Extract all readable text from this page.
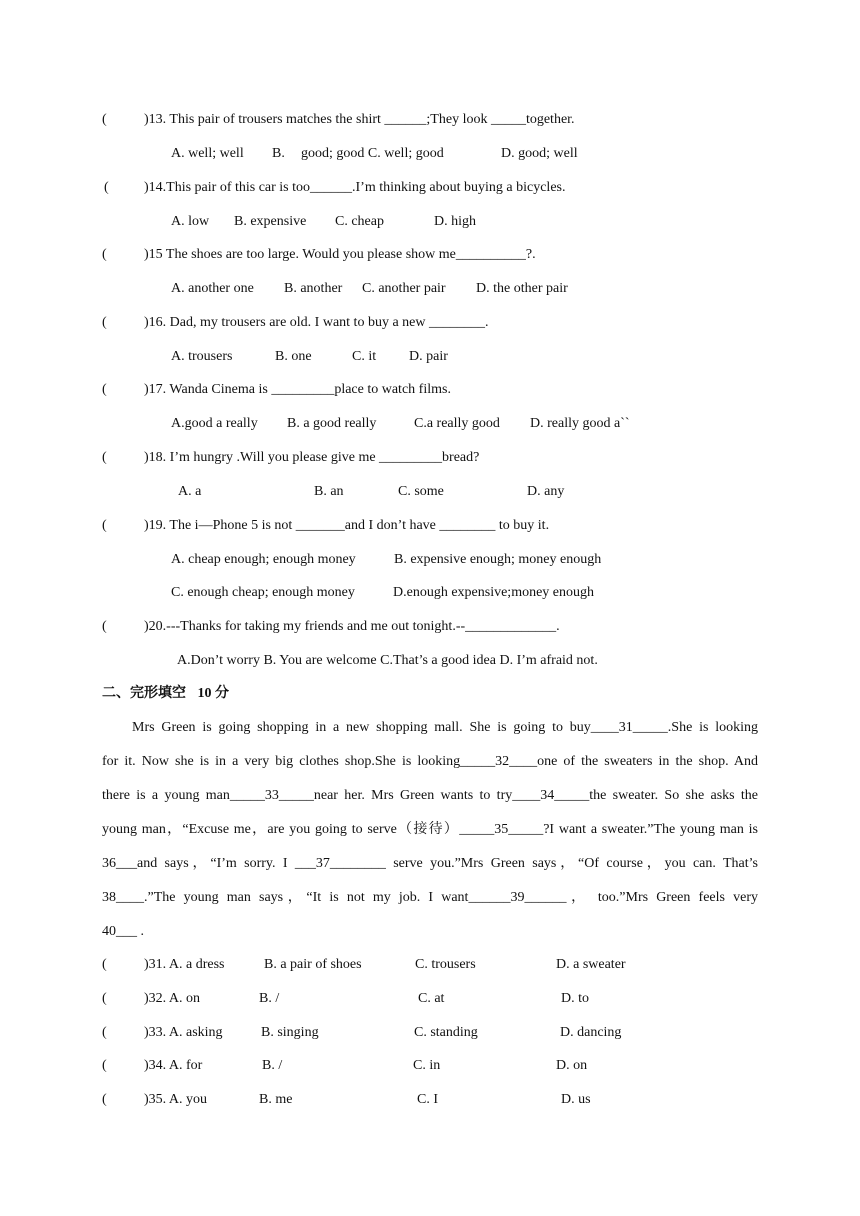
(	)13. This pair of trousers matches the shirt ______;They look _____together.
A. well; well B. good; good C. well; good	D. good; well
(	)14.This pair of this car is too______.I’m thinking about buying a bicycles.
A. low B. expensive C. cheap	D. high
(	)15 The shoes are too large. Would you please show me__________?.
A. another one B. another C. another pair D. the other pair
(	)16. Dad, my trousers are old. I want to buy a new ________.
A. trousers	B. one	C. it D. pair
(	)17. Wanda Cinema is _________place to watch films.
A.good a really B. a good really	C.a really good D. really good a``
(	)18. I’m hungry .Will you please give me _________bread?
A. a	B. an	C. some	D. any
(	)19. The i—Phone 5 is not _______and I don’t have ________ to buy it.
A. cheap enough; enough money	B. expensive enough; money enough
C. enough cheap; enough money	D.enough expensive;money enough
(	)20.---Thanks for taking my friends and me out tonight.--_____________.
A.Don’t worry B. You are welcome C.That’s a good idea D. I’m afraid not.
二、完形填空 10 分
Mrs Green is going shopping in a new shopping mall. She is going to buy____31_____.She is looking
for it. Now she is in a very big clothes shop.She is looking_____32____one of the sweaters in the shop. And
there is a young man_____33_____near her. Mrs Green wants to try____34_____the sweater. So she asks the
young man，“Excuse me，are you going to serve（接待）_____35_____?I want a sweater.”The young man is
36___and says，“I’m sorry. I ___37________ serve you.”Mrs Green says，“Of course，you can. That’s
38____.”The young man says，“It is not my job. I want______39______， too.”Mrs Green feels very
40___ .
(	)31. A. a dress	B. a pair of shoes	C. trousers	D. a sweater
(	)32. A. on	B. /	C. at	D. to
(	)33. A. asking	B. singing	C. standing	D. dancing
(	)34. A. for	B. /	C. in	D. on
(	)35. A. you	B. me	C. I	D. us
